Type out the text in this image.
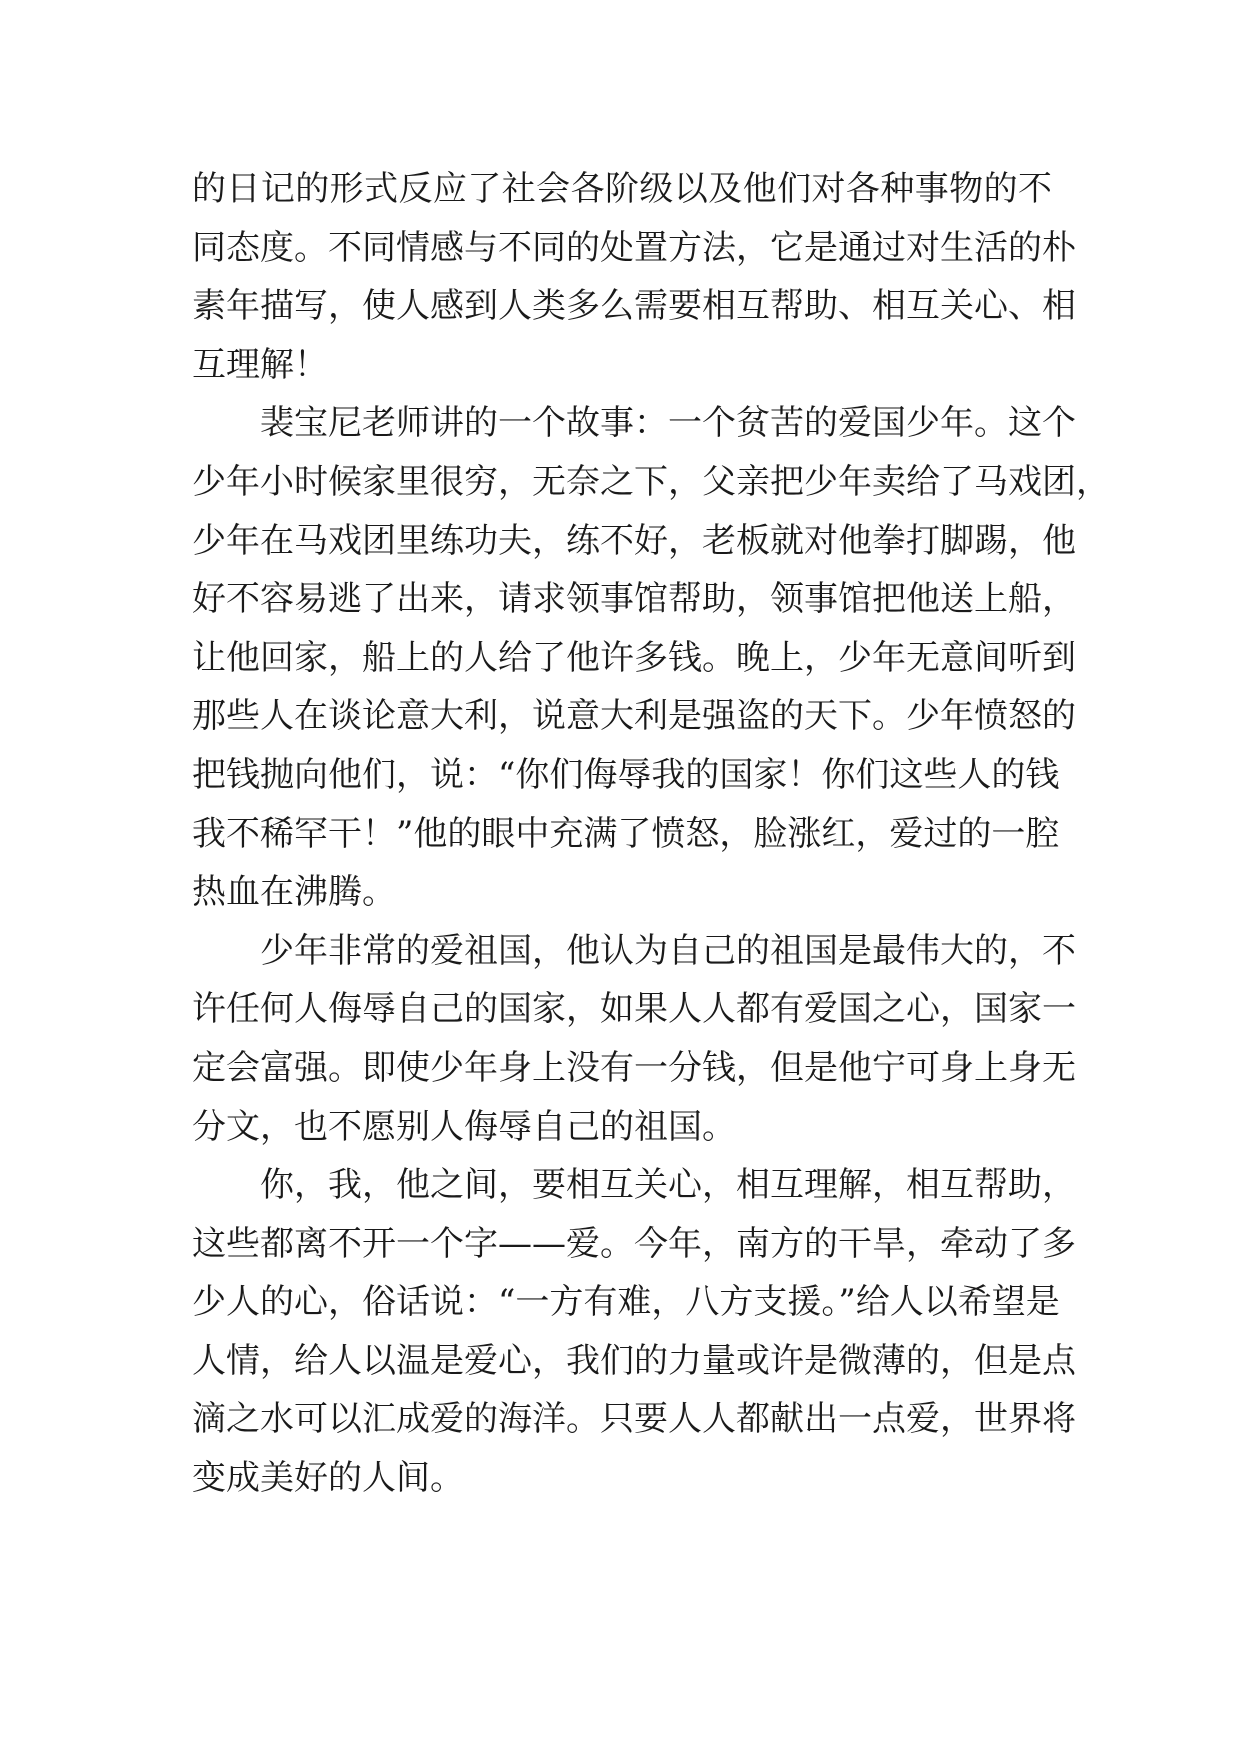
的日记的形式反应了社会各阶级以及他们对各种事物的不
同态度。不同情感与不同的处置方法，它是通过对生活的朴
素年描写，使人感到人类多么需要相互帮助、相互关心、相
互理解！
裴宝尼老师讲的一个故事：一个贫苦的爱国少年。这个
少年小时候家里很穷，无奈之下，父亲把少年卖给了马戏团，
少年在马戏团里练功夫，练不好，老板就对他拳打脚踢，他
好不容易逃了出来，请求领事馆帮助，领事馆把他送上船，
让他回家，船上的人给了他许多钱。晚上，少年无意间听到
那些人在谈论意大利，说意大利是强盗的天下。少年愤怒的
把钱抛向他们，说：“你们侮辱我的国家！你们这些人的钱
我不稀罕干！”他的眼中充满了愤怒，脸涨红，爱过的一腔
热血在沸腾。
少年非常的爱祖国，他认为自己的祖国是最伟大的，不
许任何人侮辱自己的国家，如果人人都有爱国之心，国家一
定会富强。即使少年身上没有一分钱，但是他宁可身上身无
分文，也不愿别人侮辱自己的祖国。
你，我，他之间，要相互关心，相互理解，相互帮助，
这些都离不开一个字——爱。今年，南方的干旱，牵动了多
少人的心，俗话说：“一方有难，八方支援。”给人以希望是
人情，给人以温是爱心，我们的力量或许是微薄的，但是点
滴之水可以汇成爱的海洋。只要人人都献出一点爱，世界将
变成美好的人间。
